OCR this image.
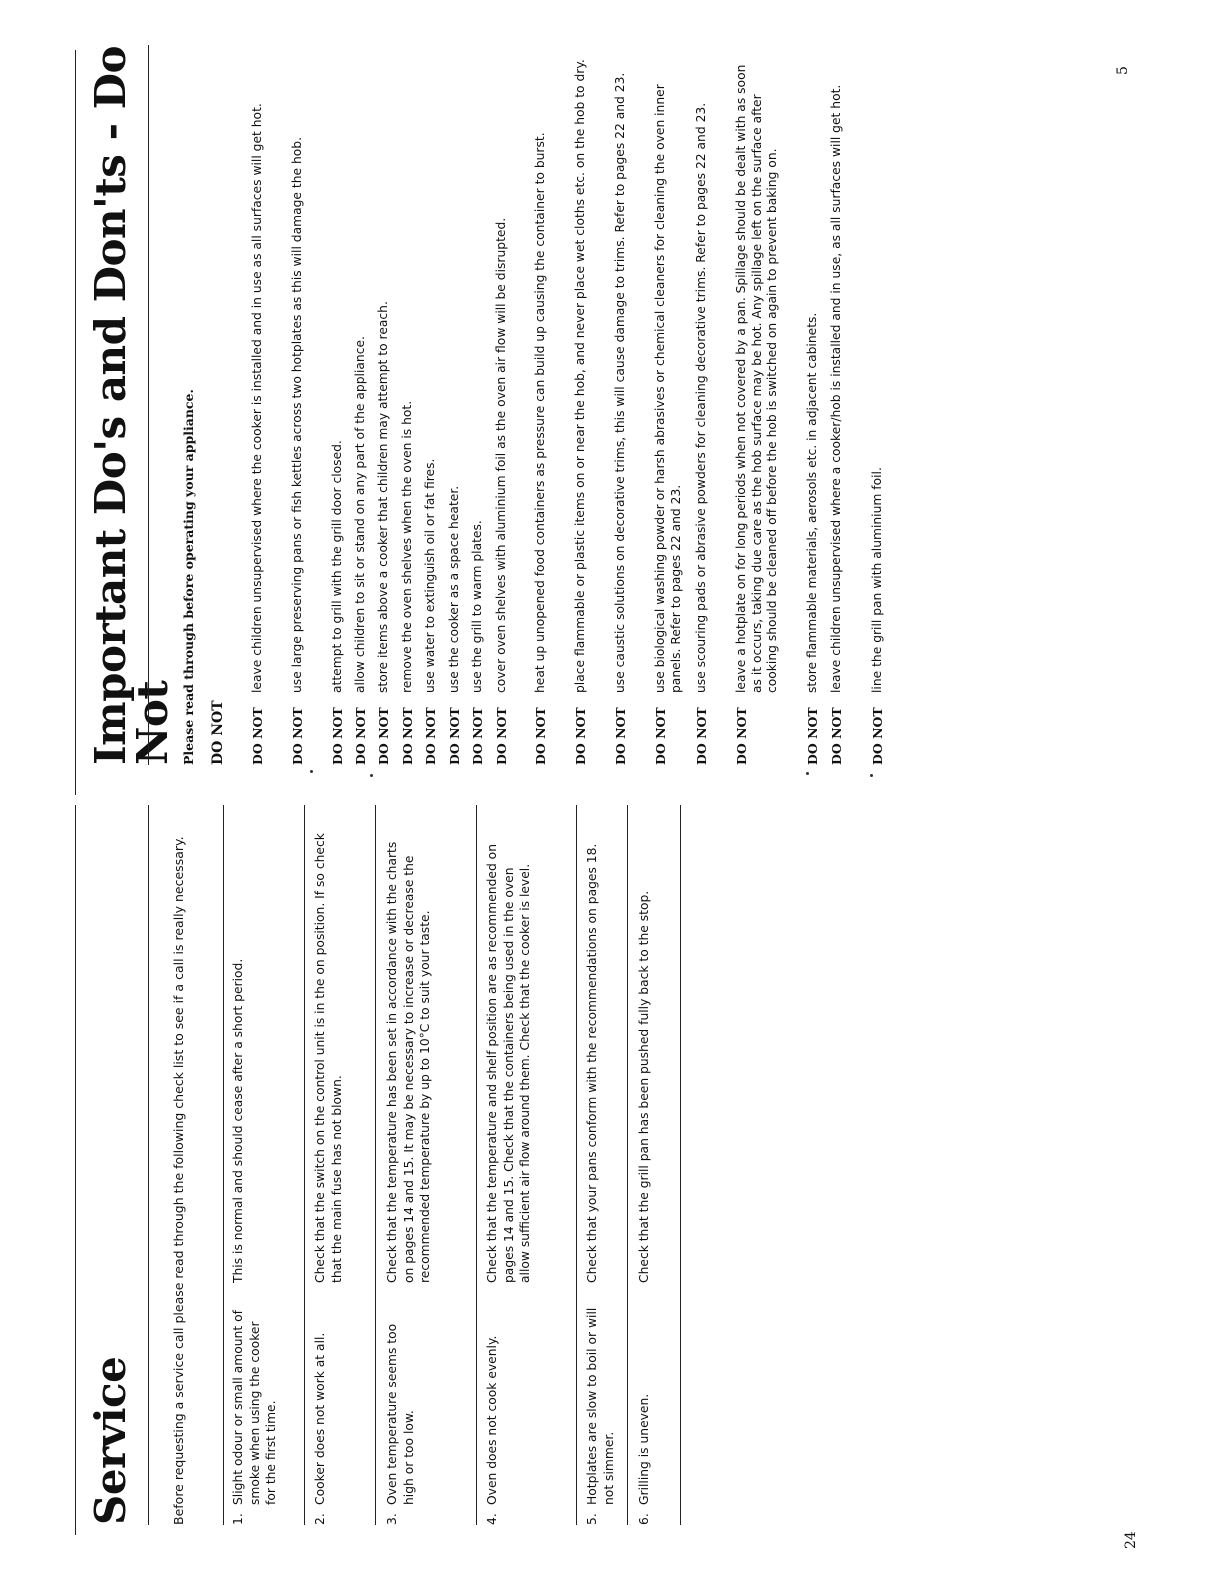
Service	Before requesting a service call please read through the following check list to see if a call is really necessary.	1.
Slight odour or small amount of smoke when using the cooker for the first time.
This is normal and should cease after a short period.
2.
Cooker does not work at all.
Check that the switch on the control unit is in the on position. If so check that the main fuse has not blown.
3.
Oven temperature seems too high or too low.
Check that the temperature has been set in accordance with the charts on pages 14 and 15. It may be necessary to increase or decrease the recommended temperature by up to 10°C to suit your taste.
4.
Oven does not cook evenly.
Check that the temperature and shelf position are as recommended on pages 14 and 15. Check that the containers being used in the oven allow sufficient air flow around them. Check that the cooker is level.
5.
Hotplates are slow to boil or will not simmer.
Check that your pans conform with the recommendations on pages 18.
6.
Grilling is uneven.
Check that the grill pan has been pushed fully back to the stop.
24
Important Do's and Don'ts - Do Not Please read through before operating your appliance. DO NOT DO NOT
leave children unsupervised where the cooker is installed and in use as all surfaces will get hot.
DO NOT
use large preserving pans or fish kettles across two hotplates as this will damage the hob.
DO NOT
attempt to grill with the grill door closed.
DO NOT
allow children to sit or stand on any part of the appliance.
DO NOT
store items above a cooker that children may attempt to reach.
DO NOT
remove the oven shelves when the oven is hot.
DO NOT
use water to extinguish oil or fat fires.
DO NOT
use the cooker as a space heater.
DO NOT
use the grill to warm plates.
DO NOT
cover oven shelves with aluminium foil as the oven air flow will be disrupted.
DO NOT
heat up unopened food containers as pressure can build up causing the container to burst.
DO NOT
place flammable or plastic items on or near the hob, and never place wet cloths etc. on the hob to dry.
DO NOT
use caustic solutions on decorative trims, this will cause damage to trims. Refer to pages 22 and 23.
DO NOT
use biological washing powder or harsh abrasives or chemical cleaners for cleaning the oven inner panels. Refer to pages 22 and 23.
DO NOT
use scouring pads or abrasive powders for cleaning decorative trims. Refer to pages 22 and 23.
DO NOT
leave a hotplate on for long periods when not covered by a pan. Spillage should be dealt with as soon as it occurs, taking due care as the hob surface may be hot. Any spillage left on the surface after cooking should be cleaned off before the hob is switched on again to prevent baking on.
DO NOT
store flammable materials, aerosols etc. in adjacent cabinets.
DO NOT
leave children unsupervised where a cooker/hob is installed and in use, as all surfaces will get hot.
DO NOT
line the grill pan with aluminium foil.
5
